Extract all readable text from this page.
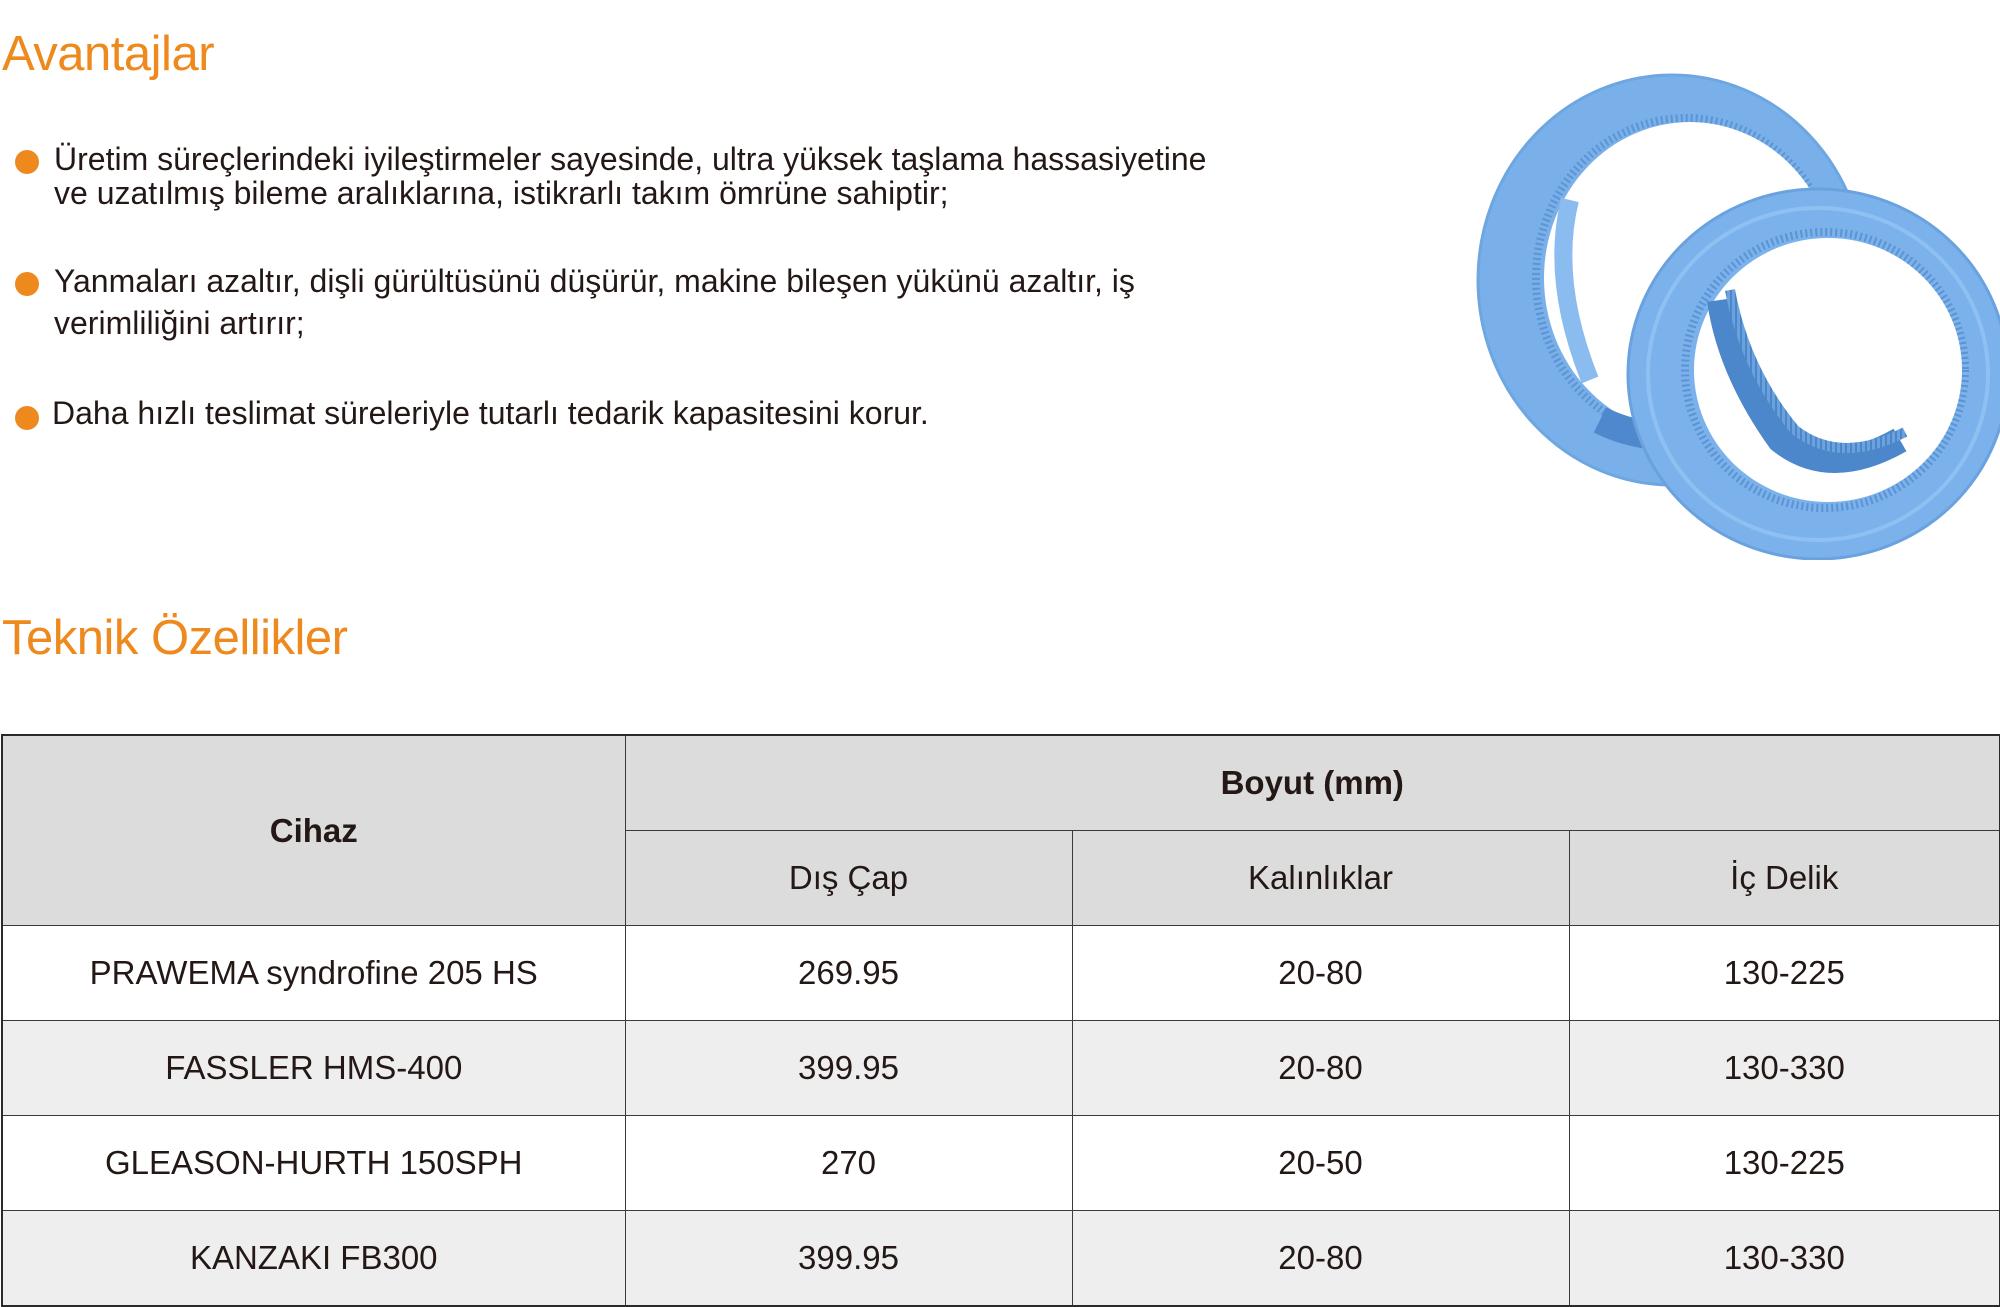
Avantajlar
Üretim süreçlerindeki iyileştirmeler sayesinde, ultra yüksek taşlama hassasiyetine
ve uzatılmış bileme aralıklarına, istikrarlı takım ömrüne sahiptir;
Yanmaları azaltır, dişli gürültüsünü düşürür, makine bileşen yükünü azaltır, iş
verimliliğini artırır;
Daha hızlı teslimat süreleriyle tutarlı tedarik kapasitesini korur.
Teknik Özellikler
Cihaz	Boyut (mm)		
	Dış Çap	Kalınlıklar	İç Delik
PRAWEMA syndrofine 205 HS	269.95	20-80	130-225
FASSLER HMS-400	399.95	20-80	130-330
GLEASON-HURTH 150SPH	270	20-50	130-225
KANZAKI FB300	399.95	20-80	130-330
